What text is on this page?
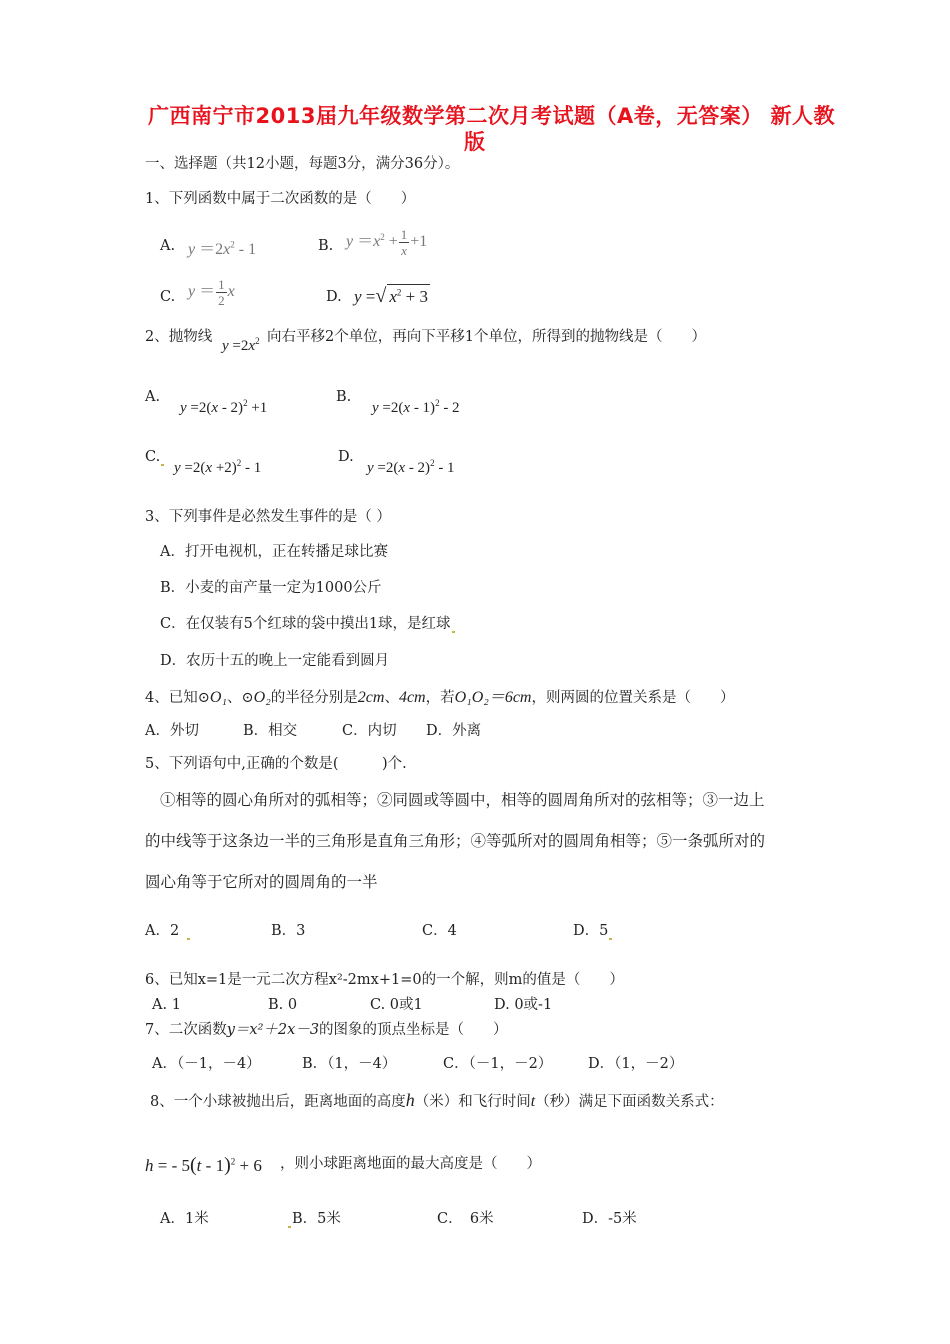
广西南宁市2013届九年级数学第二次月考试题（A卷，无答案） 新人教
版
一、选择题（共12小题，每题3分，满分36分）。
1、下列函数中属于二次函数的是（　　）
A. $y =2x^2 - 1$	B. $y =x^2 + \frac{1}{x} +1$
C. $y = \frac{1}{2}$ x	D. y =√ $x^2 + 3$
2、抛物线
$y =2x^2$ 向右平移2个单位，再向下平移1个单位，所得到的抛物线是（　　）
A.
y =2(x - 2)$^2$ +1
B.
y =2(x - 1)$^2$ - 2
C.
$y =2(x +2)^2 - 1$
D.
y =2(x - 2)$^2$ - 1
3、下列事件是必然发生事件的是（ ）
A．打开电视机，正在转播足球比赛
B．小麦的亩产量一定为1000公斤
C．在仅装有5个红球的袋中摸出1球，是红球
D．农历十五的晚上一定能看到圆月
4、已知⊙O₁、⊙O₂的半径分别是2cm、4cm，若O₁O₂＝6cm，则两圆的位置关系是（　　）
A．外切	B．相交	C．内切 D．外离
5、下列语句中,正确的个数是(　　　)个.
①相等的圆心角所对的弧相等；②同圆或等圆中，相等的圆周角所对的弦相等；③一边上
的中线等于这条边一半的三角形是直角三角形；④等弧所对的圆周角相等；⑤一条弧所对的
圆心角等于它所对的圆周角的一半
A．2	B．3	C．4	D．5
6、已知x=1是一元二次方程x²-2mx+1=0的一个解，则m的值是（　　）
A. 1	B. 0	C. 0或1	D. 0或-1
7、二次函数y＝x²＋2x－3的图象的顶点坐标是（　　）
A．（－1，－4）	B．（1，－4）	C．（－1，－2） D．（1，－2）
8、一个小球被抛出后，距离地面的高度h（米）和飞行时间t（秒）满足下面函数关系式：
h = - 5(t - 1)$^2$ + 6 ，则小球距离地面的最大高度是（　　）
A．1米	B．5米	C．　6米	D．-5米
